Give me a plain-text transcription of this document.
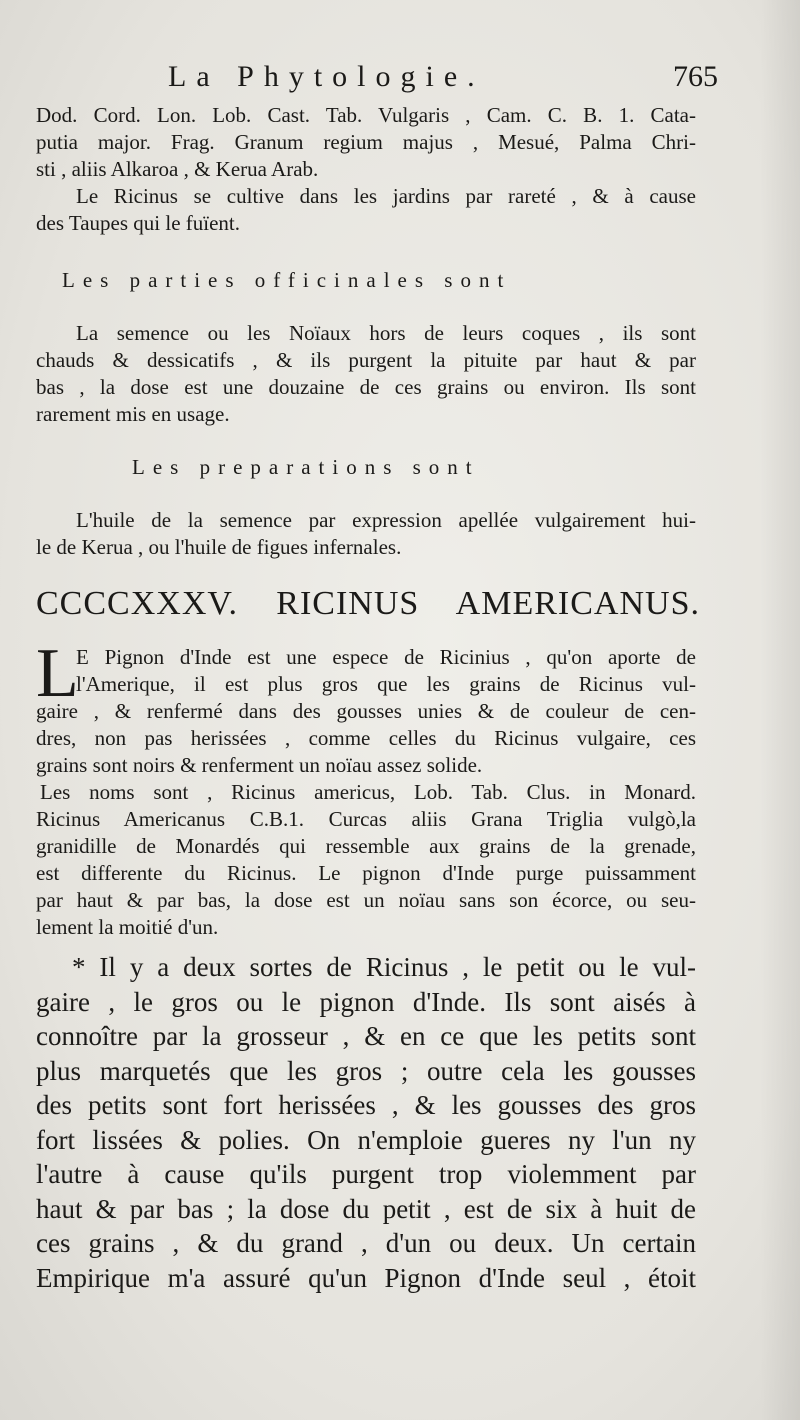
La Phytologie.	765
Dod. Cord. Lon. Lob. Cast. Tab. Vulgaris , Cam. C. B. 1. Cata-
putia major. Frag. Granum regium majus , Mesué, Palma Chri-
sti , aliis Alkaroa , & Kerua Arab.
Le Ricinus se cultive dans les jardins par rareté , & à cause
des Taupes qui le fuïent.
Les parties officinales sont
La semence ou les Noïaux hors de leurs coques , ils sont
chauds & dessicatifs , & ils purgent la pituite par haut & par
bas , la dose est une douzaine de ces grains ou environ. Ils sont
rarement mis en usage.
Les preparations sont
L'huile de la semence par expression apellée vulgairement hui-
le de Kerua , ou l'huile de figues infernales.
CCCCXXXV. RICINUS AMERICANUS.
L
E Pignon d'Inde est une espece de Ricinius , qu'on aporte de
l'Amerique, il est plus gros que les grains de Ricinus vul-
gaire , & renfermé dans des gousses unies & de couleur de cen-
dres, non pas herissées , comme celles du Ricinus vulgaire, ces
grains sont noirs & renferment un noïau assez solide.
Les noms sont , Ricinus americus, Lob. Tab. Clus. in Monard.
Ricinus Americanus C.B.1. Curcas aliis Grana Triglia vulgò,la
granidille de Monardés qui ressemble aux grains de la grenade,
est differente du Ricinus. Le pignon d'Inde purge puissamment
par haut & par bas, la dose est un noïau sans son écorce, ou seu-
lement la moitié d'un.
* Il y a deux sortes de Ricinus , le petit ou le vul-
gaire , le gros ou le pignon d'Inde. Ils sont aisés à
connoître par la grosseur , & en ce que les petits sont
plus marquetés que les gros ; outre cela les gousses
des petits sont fort herissées , & les gousses des gros
fort lissées & polies. On n'emploie gueres ny l'un ny
l'autre à cause qu'ils purgent trop violemment par
haut & par bas ; la dose du petit , est de six à huit de
ces grains , & du grand , d'un ou deux. Un certain
Empirique m'a assuré qu'un Pignon d'Inde seul , étoit
